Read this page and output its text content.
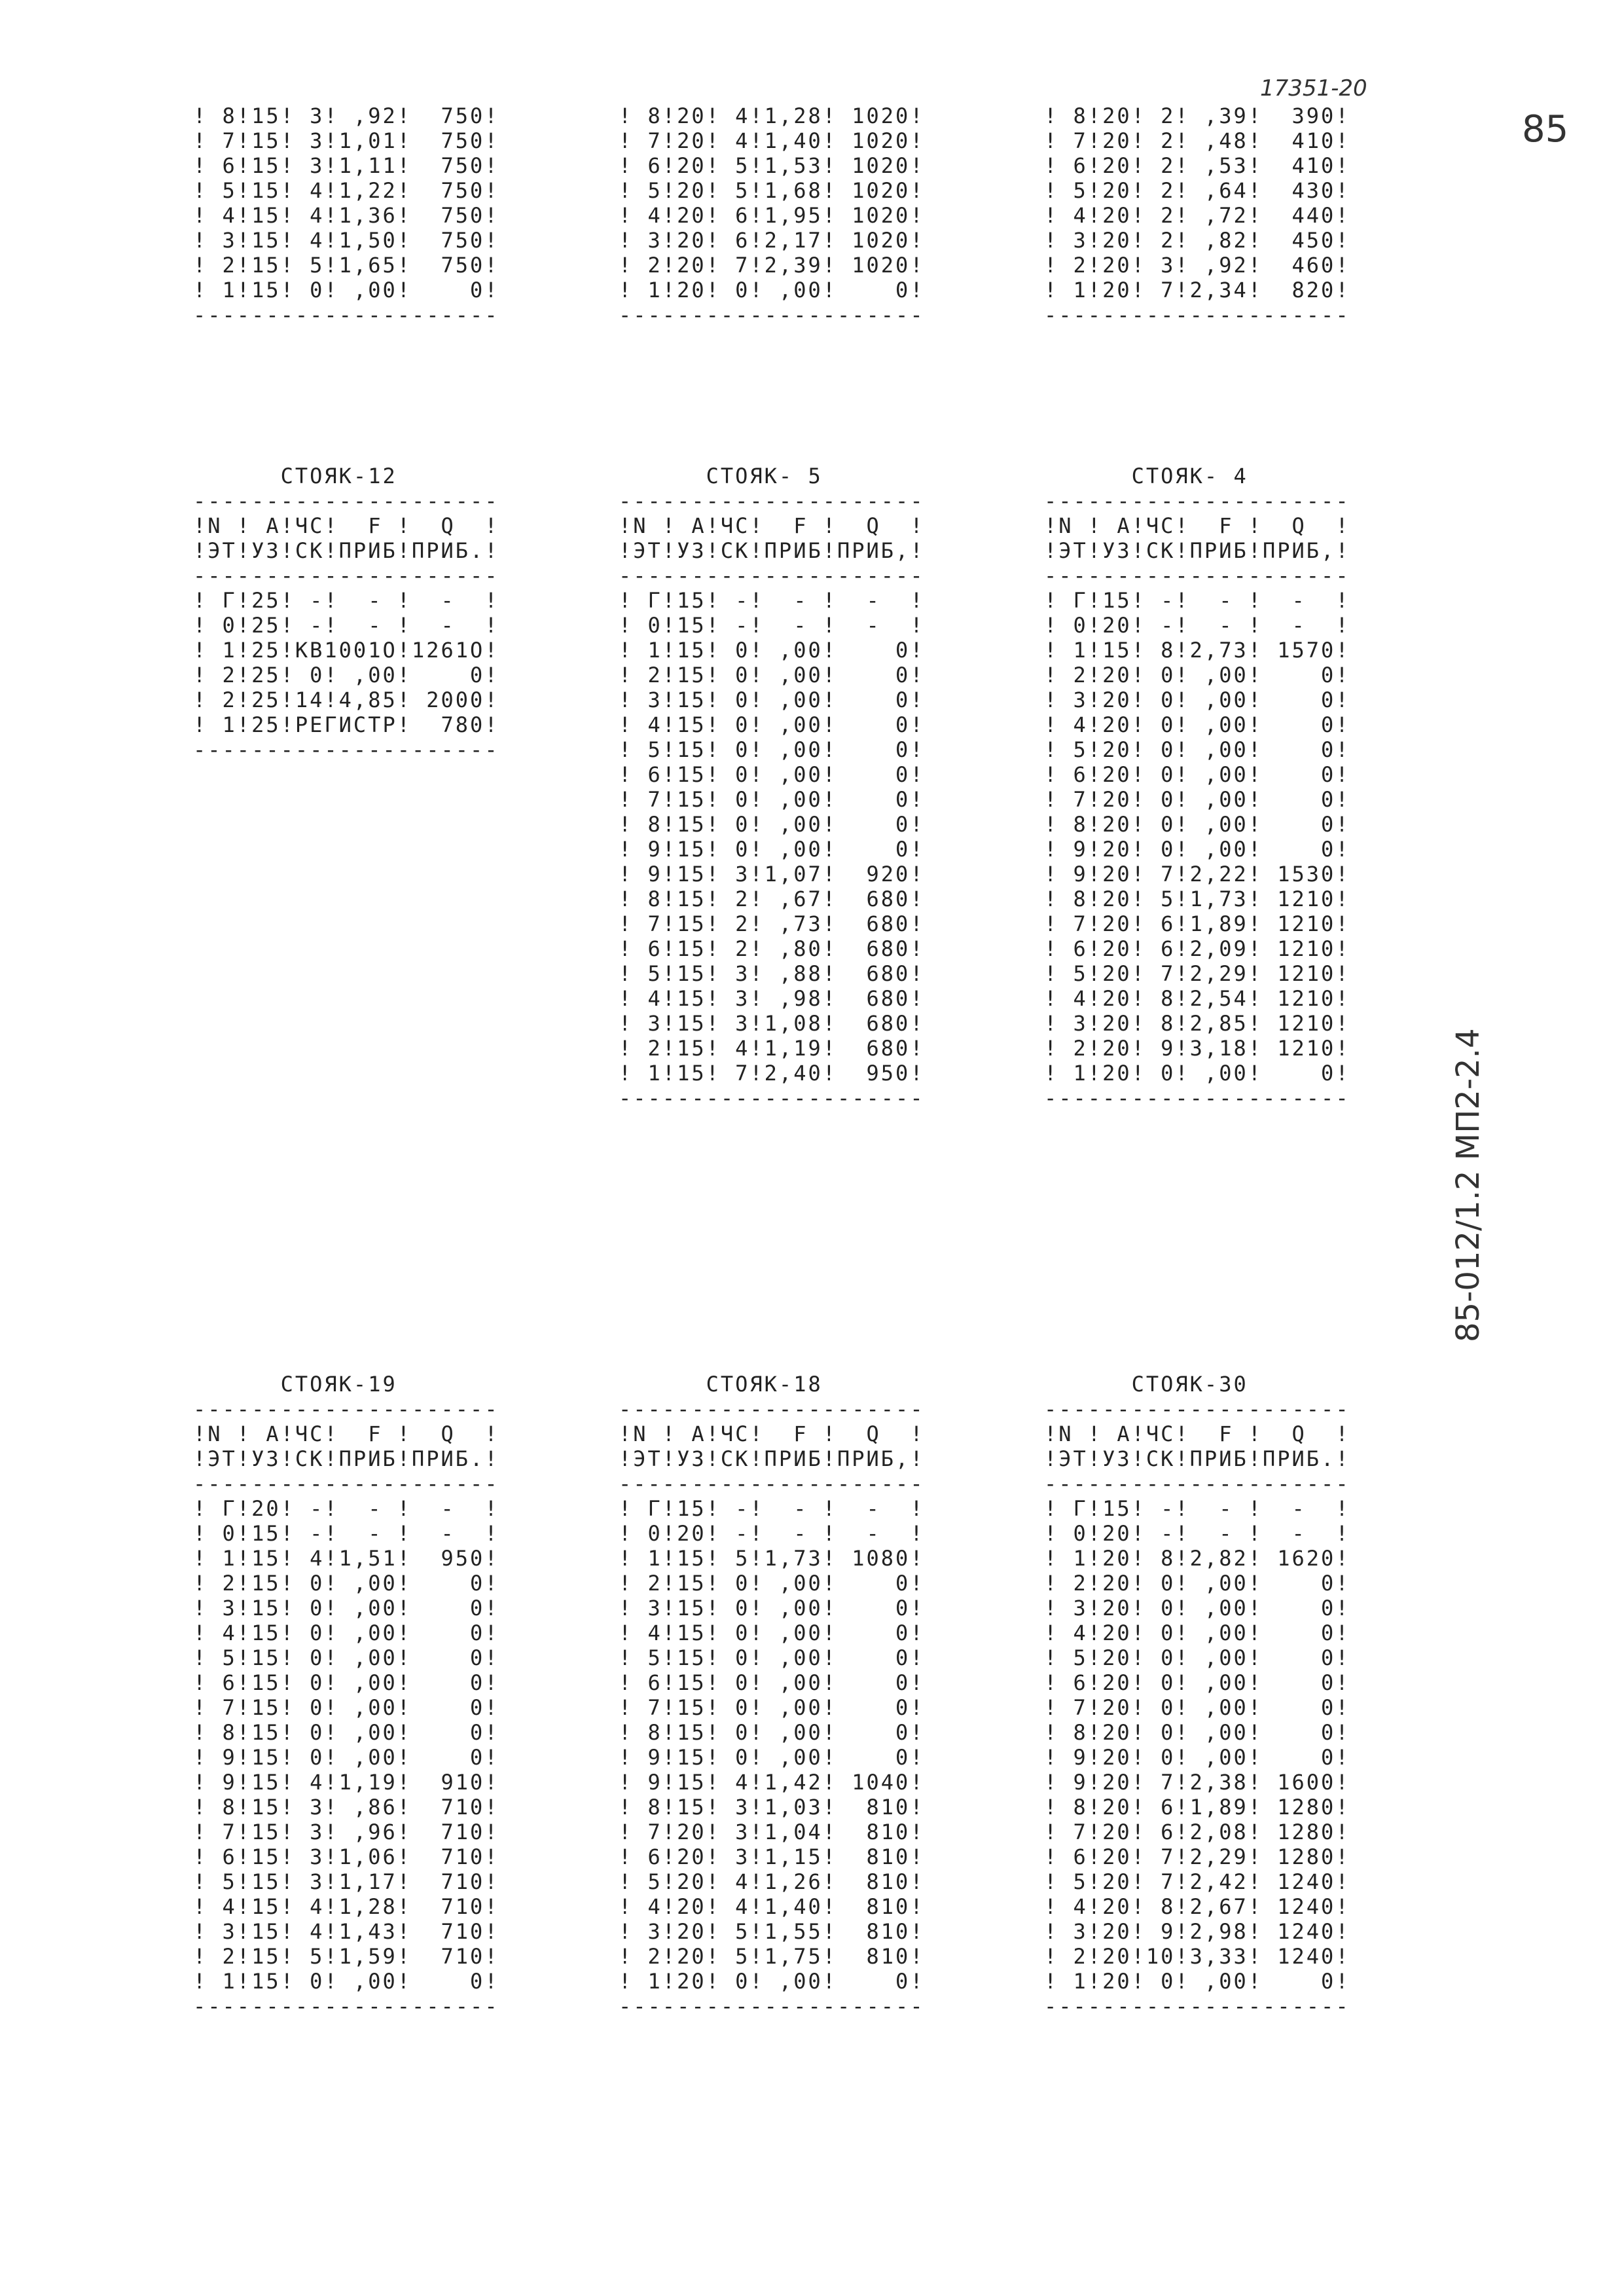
17351-20
85
85-012/1.2 МП2-2.4
! 8!15! 3! ,92!  750!
! 7!15! 3!1,01!  750!
! 6!15! 3!1,11!  750!
! 5!15! 4!1,22!  750!
! 4!15! 4!1,36!  750!
! 3!15! 4!1,50!  750!
! 2!15! 5!1,65!  750!
! 1!15! 0! ,00!    0!
---------------------
! 8!20! 4!1,28! 1020!
! 7!20! 4!1,40! 1020!
! 6!20! 5!1,53! 1020!
! 5!20! 5!1,68! 1020!
! 4!20! 6!1,95! 1020!
! 3!20! 6!2,17! 1020!
! 2!20! 7!2,39! 1020!
! 1!20! 0! ,00!    0!
---------------------
! 8!20! 2! ,39!  390!
! 7!20! 2! ,48!  410!
! 6!20! 2! ,53!  410!
! 5!20! 2! ,64!  430!
! 4!20! 2! ,72!  440!
! 3!20! 2! ,82!  450!
! 2!20! 3! ,92!  460!
! 1!20! 7!2,34!  820!
---------------------
СТОЯК-12
---------------------
!N ! А!ЧС!  F !  Q  !
!ЭТ!УЗ!СК!ПРИБ!ПРИБ.!
---------------------
! Г!25! -!  - !  -  !
! 0!25! -!  - !  -  !
! 1!25!КВ1001О!1261О!
! 2!25! 0! ,00!    0!
! 2!25!14!4,85! 2000!
! 1!25!РЕГИСТР!  780!
---------------------
СТОЯК- 5
---------------------
!N ! А!ЧС!  F !  Q  !
!ЭТ!УЗ!СК!ПРИБ!ПРИБ,!
---------------------
! Г!15! -!  - !  -  !
! 0!15! -!  - !  -  !
! 1!15! 0! ,00!    0!
! 2!15! 0! ,00!    0!
! 3!15! 0! ,00!    0!
! 4!15! 0! ,00!    0!
! 5!15! 0! ,00!    0!
! 6!15! 0! ,00!    0!
! 7!15! 0! ,00!    0!
! 8!15! 0! ,00!    0!
! 9!15! 0! ,00!    0!
! 9!15! 3!1,07!  920!
! 8!15! 2! ,67!  680!
! 7!15! 2! ,73!  680!
! 6!15! 2! ,80!  680!
! 5!15! 3! ,88!  680!
! 4!15! 3! ,98!  680!
! 3!15! 3!1,08!  680!
! 2!15! 4!1,19!  680!
! 1!15! 7!2,40!  950!
---------------------
СТОЯК- 4
---------------------
!N ! А!ЧС!  F !  Q  !
!ЭТ!УЗ!СК!ПРИБ!ПРИБ,!
---------------------
! Г!15! -!  - !  -  !
! 0!20! -!  - !  -  !
! 1!15! 8!2,73! 1570!
! 2!20! 0! ,00!    0!
! 3!20! 0! ,00!    0!
! 4!20! 0! ,00!    0!
! 5!20! 0! ,00!    0!
! 6!20! 0! ,00!    0!
! 7!20! 0! ,00!    0!
! 8!20! 0! ,00!    0!
! 9!20! 0! ,00!    0!
! 9!20! 7!2,22! 1530!
! 8!20! 5!1,73! 1210!
! 7!20! 6!1,89! 1210!
! 6!20! 6!2,09! 1210!
! 5!20! 7!2,29! 1210!
! 4!20! 8!2,54! 1210!
! 3!20! 8!2,85! 1210!
! 2!20! 9!3,18! 1210!
! 1!20! 0! ,00!    0!
---------------------
СТОЯК-19
---------------------
!N ! А!ЧС!  F !  Q  !
!ЭТ!УЗ!СК!ПРИБ!ПРИБ.!
---------------------
! Г!20! -!  - !  -  !
! 0!15! -!  - !  -  !
! 1!15! 4!1,51!  950!
! 2!15! 0! ,00!    0!
! 3!15! 0! ,00!    0!
! 4!15! 0! ,00!    0!
! 5!15! 0! ,00!    0!
! 6!15! 0! ,00!    0!
! 7!15! 0! ,00!    0!
! 8!15! 0! ,00!    0!
! 9!15! 0! ,00!    0!
! 9!15! 4!1,19!  910!
! 8!15! 3! ,86!  710!
! 7!15! 3! ,96!  710!
! 6!15! 3!1,06!  710!
! 5!15! 3!1,17!  710!
! 4!15! 4!1,28!  710!
! 3!15! 4!1,43!  710!
! 2!15! 5!1,59!  710!
! 1!15! 0! ,00!    0!
---------------------
СТОЯК-18
---------------------
!N ! А!ЧС!  F !  Q  !
!ЭТ!УЗ!СК!ПРИБ!ПРИБ,!
---------------------
! Г!15! -!  - !  -  !
! 0!20! -!  - !  -  !
! 1!15! 5!1,73! 1080!
! 2!15! 0! ,00!    0!
! 3!15! 0! ,00!    0!
! 4!15! 0! ,00!    0!
! 5!15! 0! ,00!    0!
! 6!15! 0! ,00!    0!
! 7!15! 0! ,00!    0!
! 8!15! 0! ,00!    0!
! 9!15! 0! ,00!    0!
! 9!15! 4!1,42! 1040!
! 8!15! 3!1,03!  810!
! 7!20! 3!1,04!  810!
! 6!20! 3!1,15!  810!
! 5!20! 4!1,26!  810!
! 4!20! 4!1,40!  810!
! 3!20! 5!1,55!  810!
! 2!20! 5!1,75!  810!
! 1!20! 0! ,00!    0!
---------------------
СТОЯК-30
---------------------
!N ! А!ЧС!  F !  Q  !
!ЭТ!УЗ!СК!ПРИБ!ПРИБ.!
---------------------
! Г!15! -!  - !  -  !
! 0!20! -!  - !  -  !
! 1!20! 8!2,82! 1620!
! 2!20! 0! ,00!    0!
! 3!20! 0! ,00!    0!
! 4!20! 0! ,00!    0!
! 5!20! 0! ,00!    0!
! 6!20! 0! ,00!    0!
! 7!20! 0! ,00!    0!
! 8!20! 0! ,00!    0!
! 9!20! 0! ,00!    0!
! 9!20! 7!2,38! 1600!
! 8!20! 6!1,89! 1280!
! 7!20! 6!2,08! 1280!
! 6!20! 7!2,29! 1280!
! 5!20! 7!2,42! 1240!
! 4!20! 8!2,67! 1240!
! 3!20! 9!2,98! 1240!
! 2!20!10!3,33! 1240!
! 1!20! 0! ,00!    0!
---------------------
